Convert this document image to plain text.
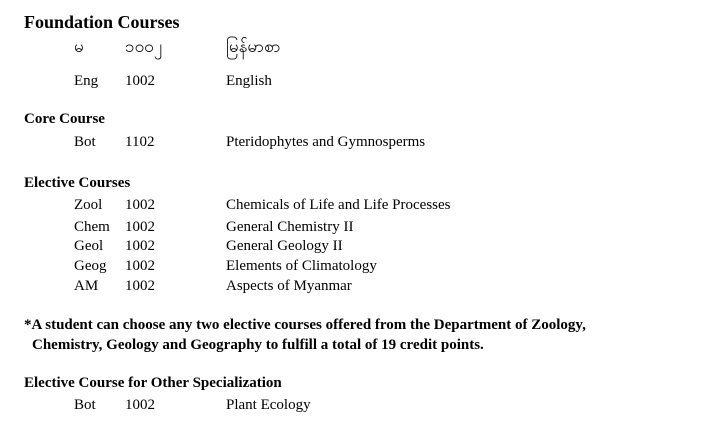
Foundation Courses
မ ၁၀၀၂	မြန်မာစာ
Eng 1002	English
Core Course
Bot 1102	Pteridophytes and Gymnosperms
Elective Courses
Zool 1002	Chemicals of Life and Life Processes
Chem 1002	General Chemistry II
Geol 1002	General Geology II
Geog 1002	Elements of Climatology
AM 1002	Aspects of Myanmar
*A student can choose any two elective courses offered from the Department of Zoology,
Chemistry, Geology and Geography to fulfill a total of 19 credit points.
Elective Course for Other Specialization
Bot 1002	Plant Ecology
